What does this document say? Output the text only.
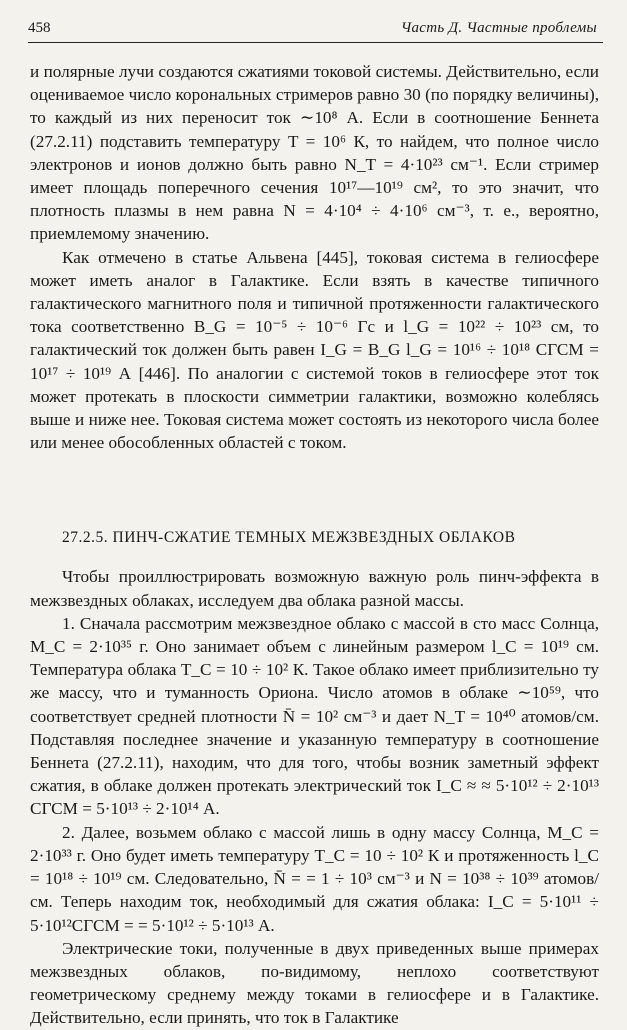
458	Часть Д. Частные проблемы

и полярные лучи создаются сжатиями токовой системы. Действительно, если оцениваемое число корональных стримеров равно 30 (по порядку величины), то каждый из них переносит ток ∼10⁸ А. Если в соотношение Беннета (27.2.11) подставить температуру T = 10⁶ К, то найдем, что полное число электронов и ионов должно быть равно N_T = 4·10²³ см⁻¹. Если стример имеет площадь поперечного сечения 10¹⁷—10¹⁹ см², то это значит, что плотность плазмы в нем равна N = 4·10⁴ ÷ 4·10⁶ см⁻³, т. е., вероятно, приемлемому значению.

Как отмечено в статье Альвена [445], токовая система в гелиосфере может иметь аналог в Галактике. Если взять в качестве типичного галактического магнитного поля и типичной протяженности галактического тока соответственно B_G = 10⁻⁵ ÷ 10⁻⁶ Гс и l_G = 10²² ÷ 10²³ см, то галактический ток должен быть равен I_G = B_G l_G = 10¹⁶ ÷ 10¹⁸ СГСМ = 10¹⁷ ÷ 10¹⁹ А [446]. По аналогии с системой токов в гелиосфере этот ток может протекать в плоскости симметрии галактики, возможно колеблясь выше и ниже нее. Токовая система может состоять из некоторого числа более или менее обособленных областей с током.

27.2.5. ПИНЧ-СЖАТИЕ ТЕМНЫХ МЕЖЗВЕЗДНЫХ ОБЛАКОВ

Чтобы проиллюстрировать возможную важную роль пинч-эффекта в межзвездных облаках, исследуем два облака разной массы.

1. Сначала рассмотрим межзвездное облако с массой в сто масс Солнца, M_C = 2·10³⁵ г. Оно занимает объем с линейным размером l_C = 10¹⁹ см. Температура облака T_C = 10 ÷ 10² К. Такое облако имеет приблизительно ту же массу, что и туманность Ориона. Число атомов в облаке ∼10⁵⁹, что соответствует средней плотности N̄ = 10² см⁻³ и дает N_T = 10⁴⁰ атомов/см. Подставляя последнее значение и указанную температуру в соотношение Беннета (27.2.11), находим, что для того, чтобы возник заметный эффект сжатия, в облаке должен протекать электрический ток I_C ≈ ≈ 5·10¹² ÷ 2·10¹³ СГСМ = 5·10¹³ ÷ 2·10¹⁴ А.

2. Далее, возьмем облако с массой лишь в одну массу Солнца, M_C = 2·10³³ г. Оно будет иметь температуру T_C = 10 ÷ 10² К и протяженность l_C = 10¹⁸ ÷ 10¹⁹ см. Следовательно, N̄ = = 1 ÷ 10³ см⁻³ и N = 10³⁸ ÷ 10³⁹ атомов/см. Теперь находим ток, необходимый для сжатия облака: I_C = 5·10¹¹ ÷ 5·10¹²СГСМ = = 5·10¹² ÷ 5·10¹³ А.

Электрические токи, полученные в двух приведенных выше примерах межзвездных облаков, по-видимому, неплохо соответствуют геометрическому среднему между токами в гелиосфере и в Галактике. Действительно, если принять, что ток в Галактике
